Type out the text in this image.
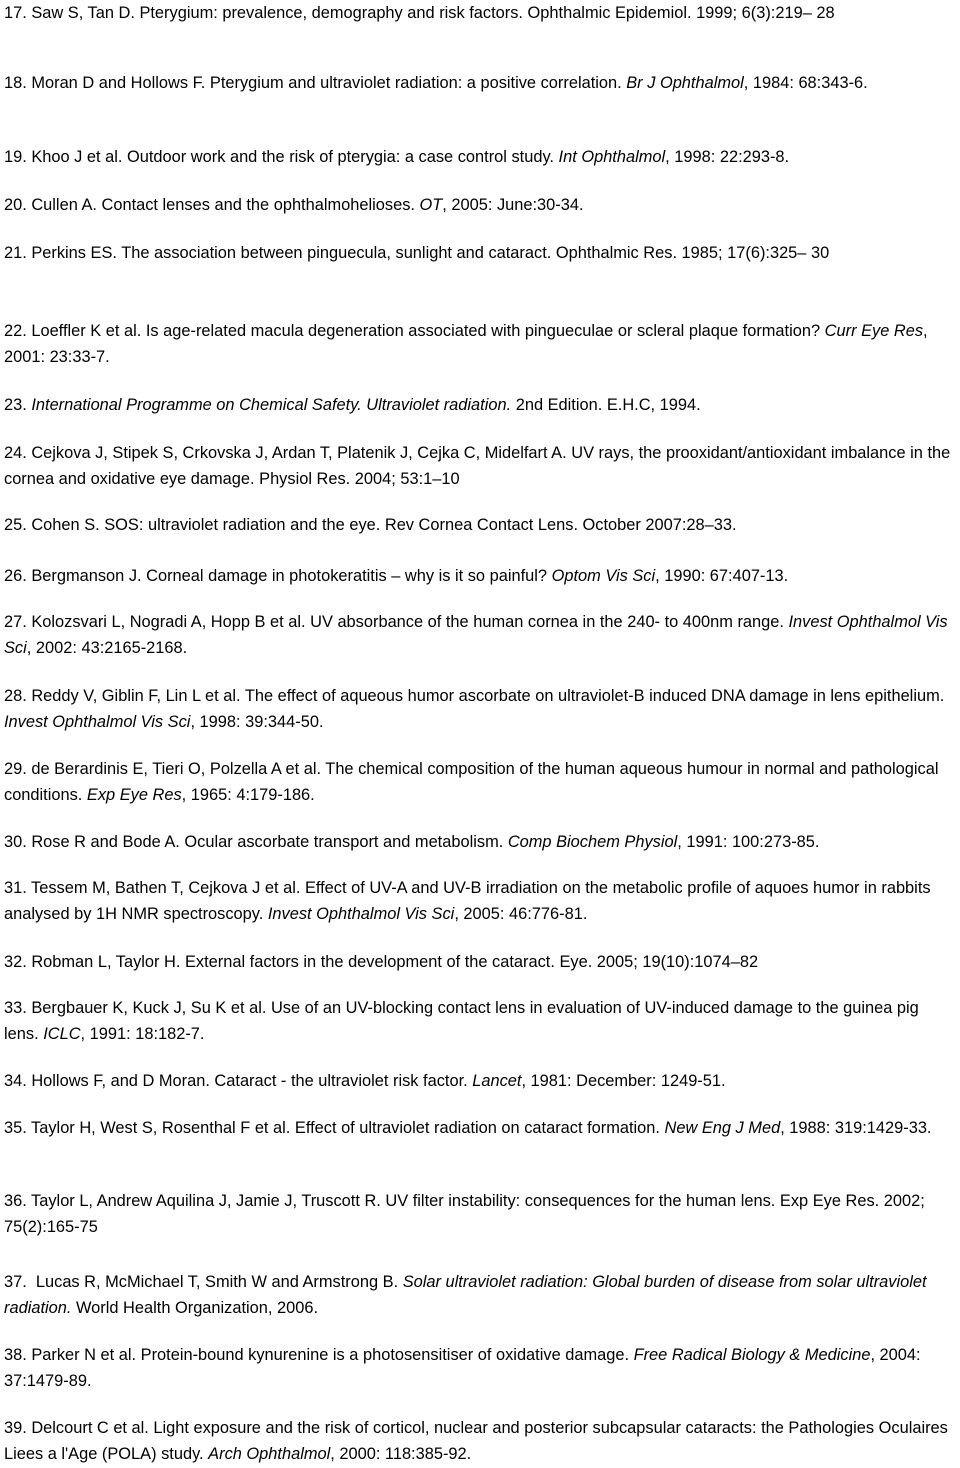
17. Saw S, Tan D. Pterygium: prevalence, demography and risk factors. Ophthalmic Epidemiol. 1999; 6(3):219– 28
18. Moran D and Hollows F. Pterygium and ultraviolet radiation: a positive correlation. Br J Ophthalmol, 1984: 68:343-6.
19. Khoo J et al. Outdoor work and the risk of pterygia: a case control study. Int Ophthalmol, 1998: 22:293-8.
20. Cullen A. Contact lenses and the ophthalmohelioses. OT, 2005: June:30-34.
21. Perkins ES. The association between pinguecula, sunlight and cataract. Ophthalmic Res. 1985; 17(6):325– 30
22. Loeffler K et al. Is age-related macula degeneration associated with pingueculae or scleral plaque formation? Curr Eye Res, 2001: 23:33-7.
23. International Programme on Chemical Safety. Ultraviolet radiation. 2nd Edition. E.H.C, 1994.
24. Cejkova J, Stipek S, Crkovska J, Ardan T, Platenik J, Cejka C, Midelfart A. UV rays, the prooxidant/antioxidant imbalance in the cornea and oxidative eye damage. Physiol Res. 2004; 53:1–10
25. Cohen S. SOS: ultraviolet radiation and the eye. Rev Cornea Contact Lens. October 2007:28–33.
26. Bergmanson J. Corneal damage in photokeratitis – why is it so painful? Optom Vis Sci, 1990: 67:407-13.
27. Kolozsvari L, Nogradi A, Hopp B et al. UV absorbance of the human cornea in the 240- to 400nm range. Invest Ophthalmol Vis Sci, 2002: 43:2165-2168.
28. Reddy V, Giblin F, Lin L et al. The effect of aqueous humor ascorbate on ultraviolet-B induced DNA damage in lens epithelium. Invest Ophthalmol Vis Sci, 1998: 39:344-50.
29. de Berardinis E, Tieri O, Polzella A et al. The chemical composition of the human aqueous humour in normal and pathological conditions. Exp Eye Res, 1965: 4:179-186.
30. Rose R and Bode A. Ocular ascorbate transport and metabolism. Comp Biochem Physiol, 1991: 100:273-85.
31. Tessem M, Bathen T, Cejkova J et al. Effect of UV-A and UV-B irradiation on the metabolic profile of aquoes humor in rabbits analysed by 1H NMR spectroscopy. Invest Ophthalmol Vis Sci, 2005: 46:776-81.
32. Robman L, Taylor H. External factors in the development of the cataract. Eye. 2005; 19(10):1074–82
33. Bergbauer K, Kuck J, Su K et al. Use of an UV-blocking contact lens in evaluation of UV-induced damage to the guinea pig lens. ICLC, 1991: 18:182-7.
34. Hollows F, and D Moran. Cataract - the ultraviolet risk factor. Lancet, 1981: December: 1249-51.
35. Taylor H, West S, Rosenthal F et al. Effect of ultraviolet radiation on cataract formation. New Eng J Med, 1988: 319:1429-33.
36. Taylor L, Andrew Aquilina J, Jamie J, Truscott R. UV filter instability: consequences for the human lens. Exp Eye Res. 2002; 75(2):165-75
37.  Lucas R, McMichael T, Smith W and Armstrong B. Solar ultraviolet radiation: Global burden of disease from solar ultraviolet radiation. World Health Organization, 2006.
38. Parker N et al. Protein-bound kynurenine is a photosensitiser of oxidative damage. Free Radical Biology & Medicine, 2004: 37:1479-89.
39. Delcourt C et al. Light exposure and the risk of corticol, nuclear and posterior subcapsular cataracts: the Pathologies Oculaires Liees a l'Age (POLA) study. Arch Ophthalmol, 2000: 118:385-92.
